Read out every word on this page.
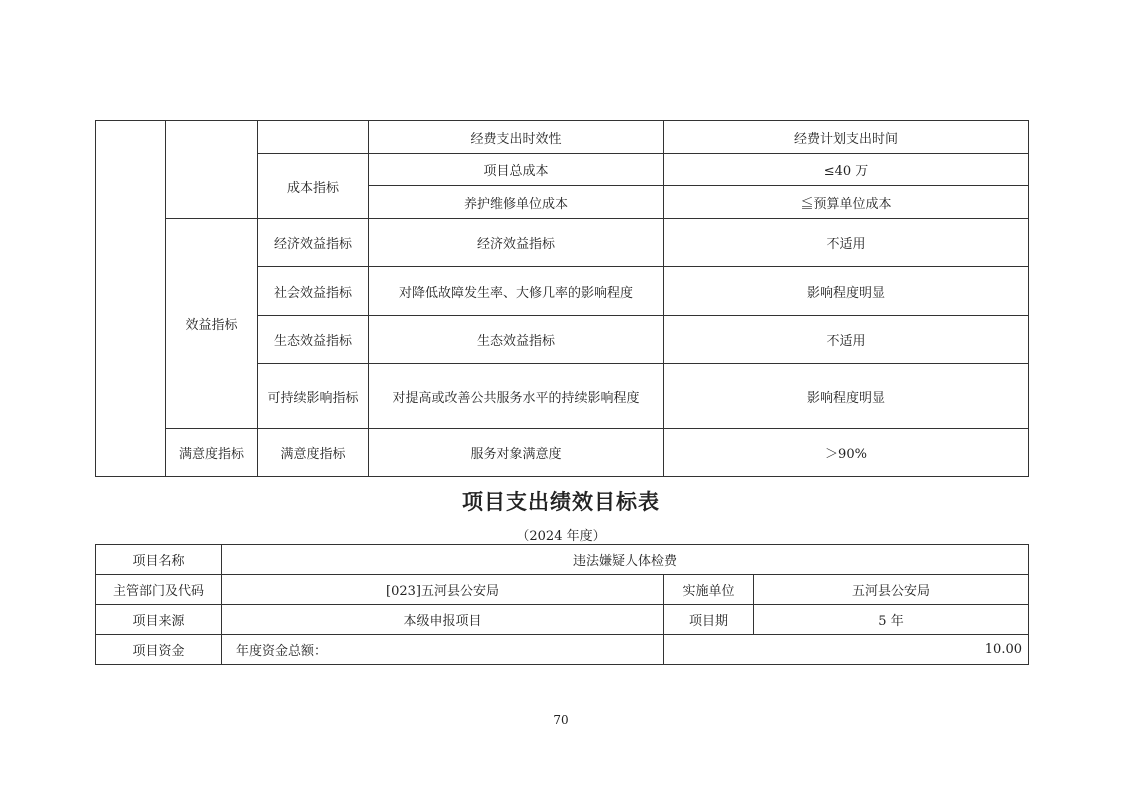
			经费支出时效性	经费计划支出时间
		成本指标	项目总成本	≤40 万
			养护维修单位成本	≦预算单位成本
	效益指标	经济效益指标	经济效益指标	不适用
		社会效益指标	对降低故障发生率、大修几率的影响程度	影响程度明显
		生态效益指标	生态效益指标	不适用
		可持续影响指标	对提高或改善公共服务水平的持续影响程度	影响程度明显
	满意度指标	满意度指标	服务对象满意度	＞90%
项目支出绩效目标表
（2024 年度）
项目名称	违法嫌疑人体检费		
主管部门及代码	[023]五河县公安局	实施单位	五河县公安局
项目来源	本级申报项目	项目期	5 年
项目资金	年度资金总额：	10.00	
70
